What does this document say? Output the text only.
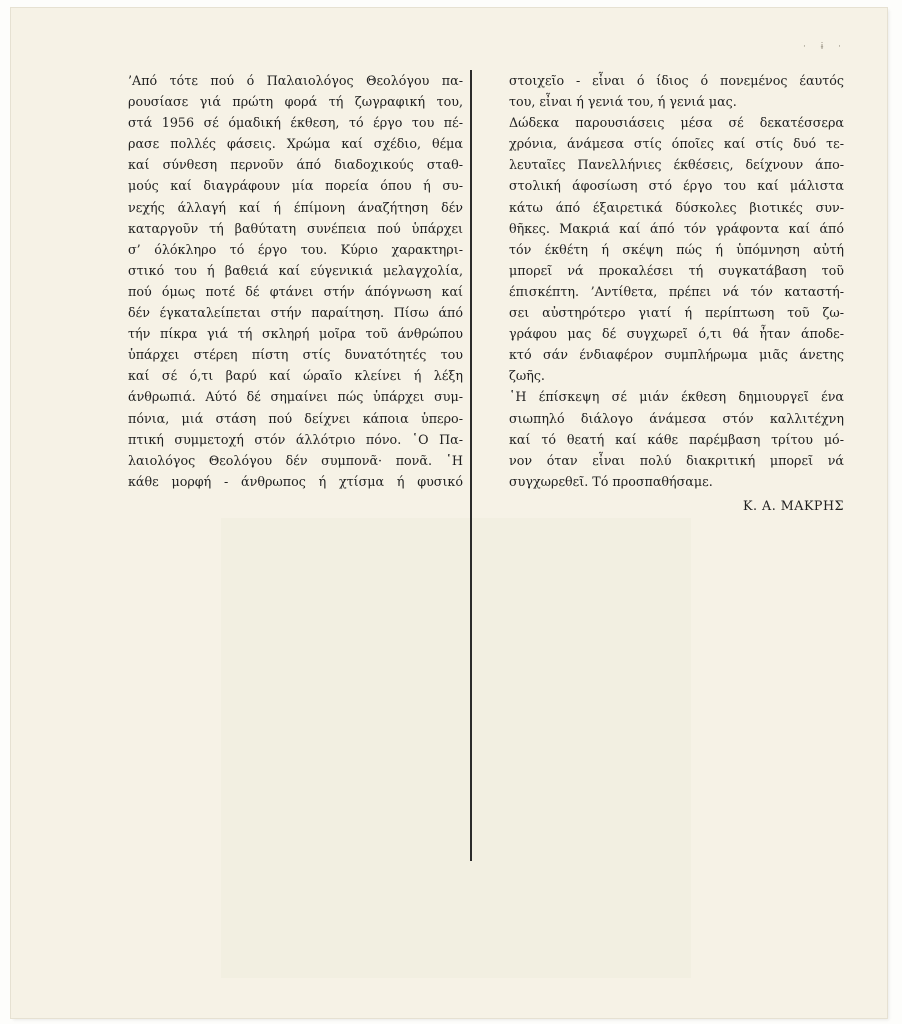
· ɨ ·
’Από τότε πού ό Παλαιολόγος Θεολόγου πα-
ρουσίασε γιά πρώτη φορά τή ζωγραφική του,
στά 1956 σέ όμαδική έκθεση, τό έργο του πέ-
ρασε πολλές φάσεις. Χρώμα καί σχέδιο, θέμα
καί σύνθεση περνοῦν άπό διαδοχικούς σταθ-
μούς καί διαγράφουν μία πορεία όπου ή συ-
νεχής άλλαγή καί ή έπίμονη άναζήτηση δέν
καταργοῦν τή βαθύτατη συνέπεια πού ὑπάρχει
σ’ όλόκληρο τό έργο του. Κύριο χαρακτηρι-
στικό του ή βαθειά καί εύγενικιά μελαγχολία,
πού όμως ποτέ δέ φτάνει στήν άπόγνωση καί
δέν έγκαταλείπεται στήν παραίτηση. Πίσω άπό
τήν πίκρα γιά τή σκληρή μοῖρα τοῦ άνθρώπου
ὑπάρχει στέρεη πίστη στίς δυνατότητές του
καί σέ ό,τι βαρύ καί ώραῖο κλείνει ή λέξη
άνθρωπιά. Αύτό δέ σημαίνει πώς ὑπάρχει συμ-
πόνια, μιά στάση πού δείχνει κάποια ὑπερο-
πτική συμμετοχή στόν άλλότριο πόνο. ῾Ο Πα-
λαιολόγος Θεολόγου δέν συμπονᾶ· πονᾶ. ῾Η
κάθε μορφή - άνθρωπος ή χτίσμα ή φυσικό
στοιχεῖο - εἶναι ό ίδιος ό πονεμένος έαυτός
του, εἶναι ή γενιά του, ή γενιά μας.
Δώδεκα παρουσιάσεις μέσα σέ δεκατέσσερα
χρόνια, άνάμεσα στίς όποῖες καί στίς δυό τε-
λευταῖες Πανελλήνιες έκθέσεις, δείχνουν άπο-
στολική άφοσίωση στό έργο του καί μάλιστα
κάτω άπό έξαιρετικά δύσκολες βιοτικές συν-
θῆκες. Μακριά καί άπό τόν γράφοντα καί άπό
τόν έκθέτη ή σκέψη πώς ή ὑπόμνηση αὐτή
μπορεῖ νά προκαλέσει τή συγκατάβαση τοῦ
έπισκέπτη. ’Αντίθετα, πρέπει νά τόν καταστή-
σει αὐστηρότερο γιατί ή περίπτωση τοῦ ζω-
γράφου μας δέ συγχωρεῖ ό,τι θά ἦταν άποδε-
κτό σάν ένδιαφέρον συμπλήρωμα μιᾶς άνετης
ζωῆς.
῾Η έπίσκεψη σέ μιάν έκθεση δημιουργεῖ ένα
σιωπηλό διάλογο άνάμεσα στόν καλλιτέχνη
καί τό θεατή καί κάθε παρέμβαση τρίτου μό-
νον όταν εἶναι πολύ διακριτική μπορεῖ νά
συγχωρεθεῖ. Τό προσπαθήσαμε.
Κ. Α. ΜΑΚΡΗΣ
